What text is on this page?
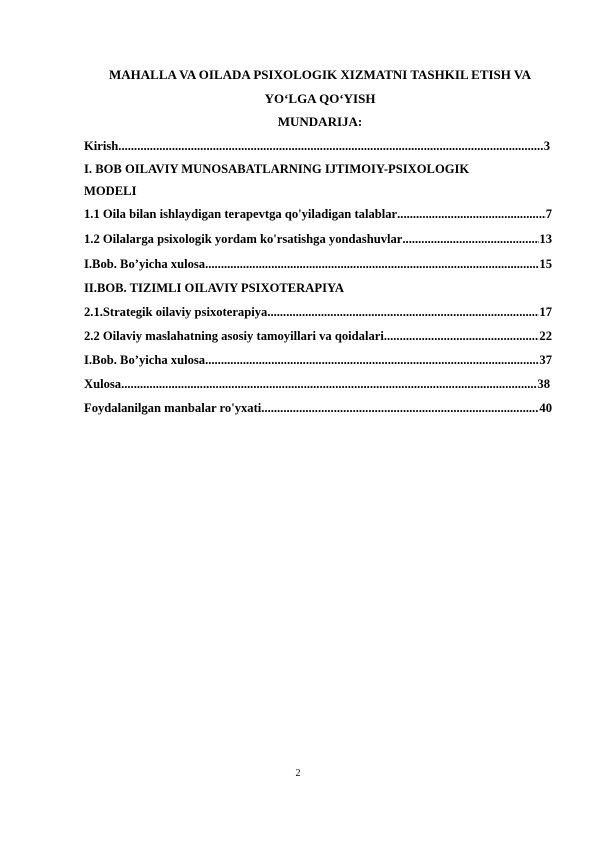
MAHALLA VA OILADA PSIXOLOGIK XIZMATNI TASHKIL ETISH VA
YO‘LGA QO‘YISH
MUNDARIJA:
Kirish .....	3
I. BOB OILAVIY MUNOSABATLARNING IJTIMOIY-PSIXOLOGIK
MODELI
1.1 Oila bilan ishlaydigan terapevtga qo'yiladigan talablar .....	7
1.2 Oilalarga psixologik yordam ko'rsatishga yondashuvlar .....	13
I.Bob. Bo’yicha xulosa .....	15
II.BOB. TIZIMLI OILAVIY PSIXOTERAPIYA
2.1.Strategik oilaviy psixoterapiya .....	17
2.2 Oilaviy maslahatning asosiy tamoyillari va qoidalari .....	22
I.Bob. Bo’yicha xulosa .....	37
Xulosa .....	38
Foydalanilgan manbalar ro'yxati .....	40
2
